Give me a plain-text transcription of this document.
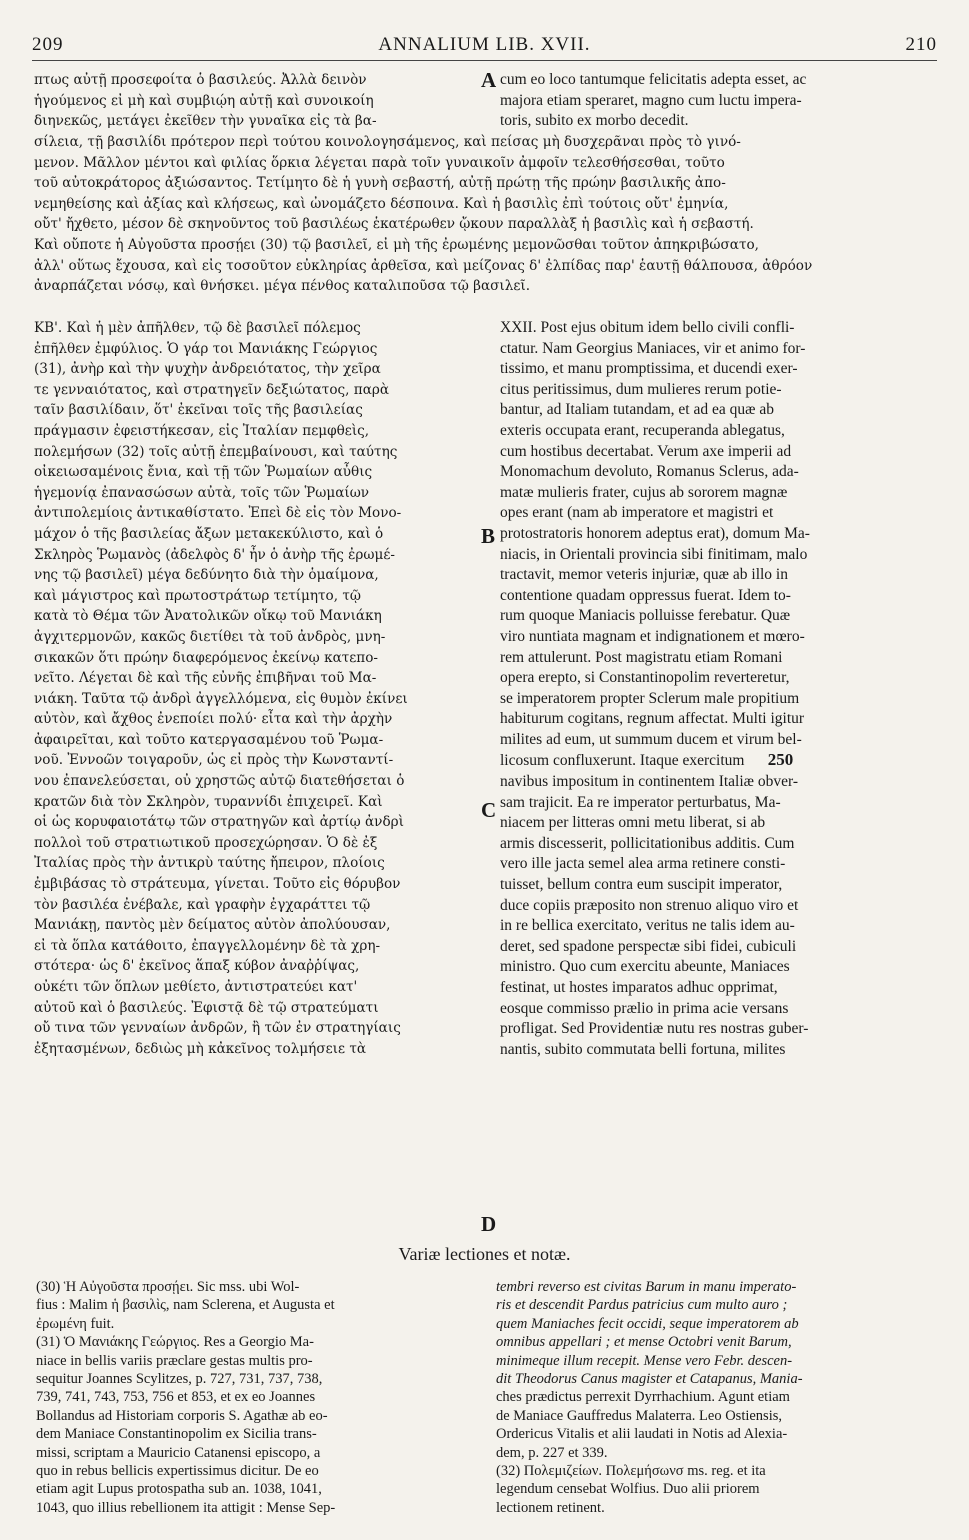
209	ANNALIUM LIB. XVII.	210
A
B
C
D
πτως αὐτῇ προσεφοίτα ὁ βασιλεύς. Ἀλλὰ δεινὸν
ἡγούμενος εἰ μὴ καὶ συμβιῴη αὐτῇ καὶ συνοικοίη
διηνεκῶς, μετάγει ἐκεῖθεν τὴν γυναῖκα εἰς τὰ βα-
cum eo loco tantumque felicitatis adepta esset, ac
majora etiam speraret, magno cum luctu impera-
toris, subito ex morbo decedit.
σίλεια, τῇ βασιλίδι πρότερον περὶ τούτου κοινολογησάμενος, καὶ πείσας μὴ δυσχερᾶναι πρὸς τὸ γινό-
μενον. Μᾶλλον μέντοι καὶ φιλίας ὅρκια λέγεται παρὰ τοῖν γυναικοῖν ἀμφοῖν τελεσθήσεσθαι, τοῦτο
τοῦ αὐτοκράτορος ἀξιώσαντος. Τετίμητο δὲ ἡ γυνὴ σεβαστή, αὐτῇ πρώτῃ τῆς πρώην βασιλικῆς ἀπο-
νεμηθείσης καὶ ἀξίας καὶ κλήσεως, καὶ ὠνομάζετο δέσποινα. Καὶ ἡ βασιλὶς ἐπὶ τούτοις οὔτ' ἐμηνία,
οὔτ' ἤχθετο, μέσον δὲ σκηνοῦντος τοῦ βασιλέως ἑκατέρωθεν ᾤκουν παραλλὰξ ἡ βασιλὶς καὶ ἡ σεβαστή.
Καὶ οὔποτε ἡ Αὐγοῦστα προσῄει (30) τῷ βασιλεῖ, εἰ μὴ τῆς ἐρωμένης μεμονῶσθαι τοῦτον ἀπηκριβώσατο,
ἀλλ' οὕτως ἔχουσα, καὶ εἰς τοσοῦτον εὐκληρίας ἀρθεῖσα, καὶ μείζονας δ' ἐλπίδας παρ' ἑαυτῇ θάλπουσα, ἀθρόον
ἀναρπάζεται νόσῳ, καὶ θνήσκει. μέγα πένθος καταλιποῦσα τῷ βασιλεῖ.
ΚΒ'. Καὶ ἡ μὲν ἀπῆλθεν, τῷ δὲ βασιλεῖ πόλεμος
ἐπῆλθεν ἐμφύλιος. Ὁ γάρ τοι Μανιάκης Γεώργιος
(31), ἀνὴρ καὶ τὴν ψυχὴν ἀνδρειότατος, τὴν χεῖρα
τε γενναιότατος, καὶ στρατηγεῖν δεξιώτατος, παρὰ
ταῖν βασιλίδαιν, ὅτ' ἐκεῖναι τοῖς τῆς βασιλείας
πράγμασιν ἐφειστήκεσαν, εἰς Ἰταλίαν πεμφθεὶς,
πολεμήσων (32) τοῖς αὐτῇ ἐπεμβαίνουσι, καὶ ταύτης
οἰκειωσαμένοις ἔνια, καὶ τῇ τῶν Ῥωμαίων αὖθις
ἡγεμονίᾳ ἐπανασώσων αὐτὰ, τοῖς τῶν Ῥωμαίων
ἀντιπολεμίοις ἀντικαθίστατο. Ἐπεὶ δὲ εἰς τὸν Μονο-
μάχον ὁ τῆς βασιλείας ἄξων μετακεκύλιστο, καὶ ὁ
Σκληρὸς Ῥωμανὸς (ἀδελφὸς δ' ἦν ὁ ἀνὴρ τῆς ἐρωμέ-
νης τῷ βασιλεῖ) μέγα δεδύνητο διὰ τὴν ὁμαίμονα,
καὶ μάγιστρος καὶ πρωτοστράτωρ τετίμητο, τῷ
κατὰ τὸ Θέμα τῶν Ἀνατολικῶν οἴκῳ τοῦ Μανιάκη
ἀγχιτερμονῶν, κακῶς διετίθει τὰ τοῦ ἀνδρὸς, μνη-
σικακῶν ὅτι πρώην διαφερόμενος ἐκείνῳ κατεπο-
νεῖτο. Λέγεται δὲ καὶ τῆς εὐνῆς ἐπιβῆναι τοῦ Μα-
νιάκη. Ταῦτα τῷ ἀνδρὶ ἀγγελλόμενα, εἰς θυμὸν ἐκίνει
αὐτὸν, καὶ ἄχθος ἐνεποίει πολύ· εἶτα καὶ τὴν ἀρχὴν
ἀφαιρεῖται, καὶ τοῦτο κατεργασαμένου τοῦ Ῥωμα-
νοῦ. Ἐννοῶν τοιγαροῦν, ὡς εἰ πρὸς τὴν Κωνσταντί-
νου ἐπανελεύσεται, οὐ χρηστῶς αὐτῷ διατεθήσεται ὁ
κρατῶν διὰ τὸν Σκληρὸν, τυραννίδι ἐπιχειρεῖ. Καὶ
οἱ ὡς κορυφαιοτάτῳ τῶν στρατηγῶν καὶ ἀρτίῳ ἀνδρὶ
πολλοὶ τοῦ στρατιωτικοῦ προσεχώρησαν. Ὁ δὲ ἐξ
Ἰταλίας πρὸς τὴν ἀντικρὺ ταύτης ἤπειρον, πλοίοις
ἐμβιβάσας τὸ στράτευμα, γίνεται. Τοῦτο εἰς θόρυβον
τὸν βασιλέα ἐνέβαλε, καὶ γραφὴν ἐγχαράττει τῷ
Μανιάκῃ, παντὸς μὲν δείματος αὐτὸν ἀπολύουσαν,
εἰ τὰ ὅπλα κατάθοιτο, ἐπαγγελλομένην δὲ τὰ χρη-
στότερα· ὡς δ' ἐκεῖνος ἅπαξ κύβον ἀναῤῥίψας,
οὐκέτι τῶν ὅπλων μεθίετο, ἀντιστρατεύει κατ'
αὐτοῦ καὶ ὁ βασιλεύς. Ἐφιστᾷ δὲ τῷ στρατεύματι
οὔ τινα τῶν γενναίων ἀνδρῶν, ἢ τῶν ἐν στρατηγίαις
ἐξητασμένων, δεδιὼς μὴ κἀκεῖνος τολμήσειε τὰ
XXII. Post ejus obitum idem bello civili confli-
ctatur. Nam Georgius Maniaces, vir et animo for-
tissimo, et manu promptissima, et ducendi exer-
citus peritissimus, dum mulieres rerum potie-
bantur, ad Italiam tutandam, et ad ea quæ ab
exteris occupata erant, recuperanda ablegatus,
cum hostibus decertabat. Verum axe imperii ad
Monomachum devoluto, Romanus Sclerus, ada-
matæ mulieris frater, cujus ab sororem magnæ
opes erant (nam ab imperatore et magistri et
protostratoris honorem adeptus erat), domum Ma-
niacis, in Orientali provincia sibi finitimam, malo
tractavit, memor veteris injuriæ, quæ ab illo in
contentione quadam oppressus fuerat. Idem to-
rum quoque Maniacis polluisse ferebatur. Quæ
viro nuntiata magnam et indignationem et mœro-
rem attulerunt. Post magistratu etiam Romani
opera erepto, si Constantinopolim reverteretur,
se imperatorem propter Sclerum male propitium
habiturum cogitans, regnum affectat. Multi igitur
milites ad eum, ut summum ducem et virum bel-
licosum confluxerunt. Itaque exercitum 250
navibus impositum in continentem Italiæ obver-
sam trajicit. Ea re imperator perturbatus, Ma-
niacem per litteras omni metu liberat, si ab
armis discesserit, pollicitationibus additis. Cum
vero ille jacta semel alea arma retinere consti-
tuisset, bellum contra eum suscipit imperator,
duce copiis præposito non strenuo aliquo viro et
in re bellica exercitato, veritus ne talis idem au-
deret, sed spadone perspectæ sibi fidei, cubiculi
ministro. Quo cum exercitu abeunte, Maniaces
festinat, ut hostes imparatos adhuc opprimat,
eosque commisso prælio in prima acie versans
profligat. Sed Providentiæ nutu res nostras guber-
nantis, subito commutata belli fortuna, milites
Variæ lectiones et notæ.
(30) Ἡ Αὐγοῦστα προσῄει. Sic mss. ubi Wol-
fius : Malim ἡ βασιλὶς, nam Sclerena, et Augusta et
ἐρωμένη fuit.
(31) Ὁ Μανιάκης Γεώργιος. Res a Georgio Ma-
niace in bellis variis præclare gestas multis pro-
sequitur Joannes Scylitzes, p. 727, 731, 737, 738,
739, 741, 743, 753, 756 et 853, et ex eo Joannes
Bollandus ad Historiam corporis S. Agathæ ab eo-
dem Maniace Constantinopolim ex Sicilia trans-
missi, scriptam a Mauricio Catanensi episcopo, a
quo in rebus bellicis expertissimus dicitur. De eo
etiam agit Lupus protospatha sub an. 1038, 1041,
1043, quo illius rebellionem ita attigit : Mense Sep-
tembri reverso est civitas Barum in manu imperato-
ris et descendit Pardus patricius cum multo auro ;
quem Maniaches fecit occidi, seque imperatorem ab
omnibus appellari ; et mense Octobri venit Barum,
minimeque illum recepit. Mense vero Febr. descen-
dit Theodorus Canus magister et Catapanus, Mania-
ches prædictus perrexit Dyrrhachium. Agunt etiam
de Maniace Gauffredus Malaterra. Leo Ostiensis,
Ordericus Vitalis et alii laudati in Notis ad Alexia-
dem, p. 227 et 339.
(32) Πολεμιζείων. Πολεμήσωνσ ms. reg. et ita
legendum censebat Wolfius. Duo alii priorem
lectionem retinent.
